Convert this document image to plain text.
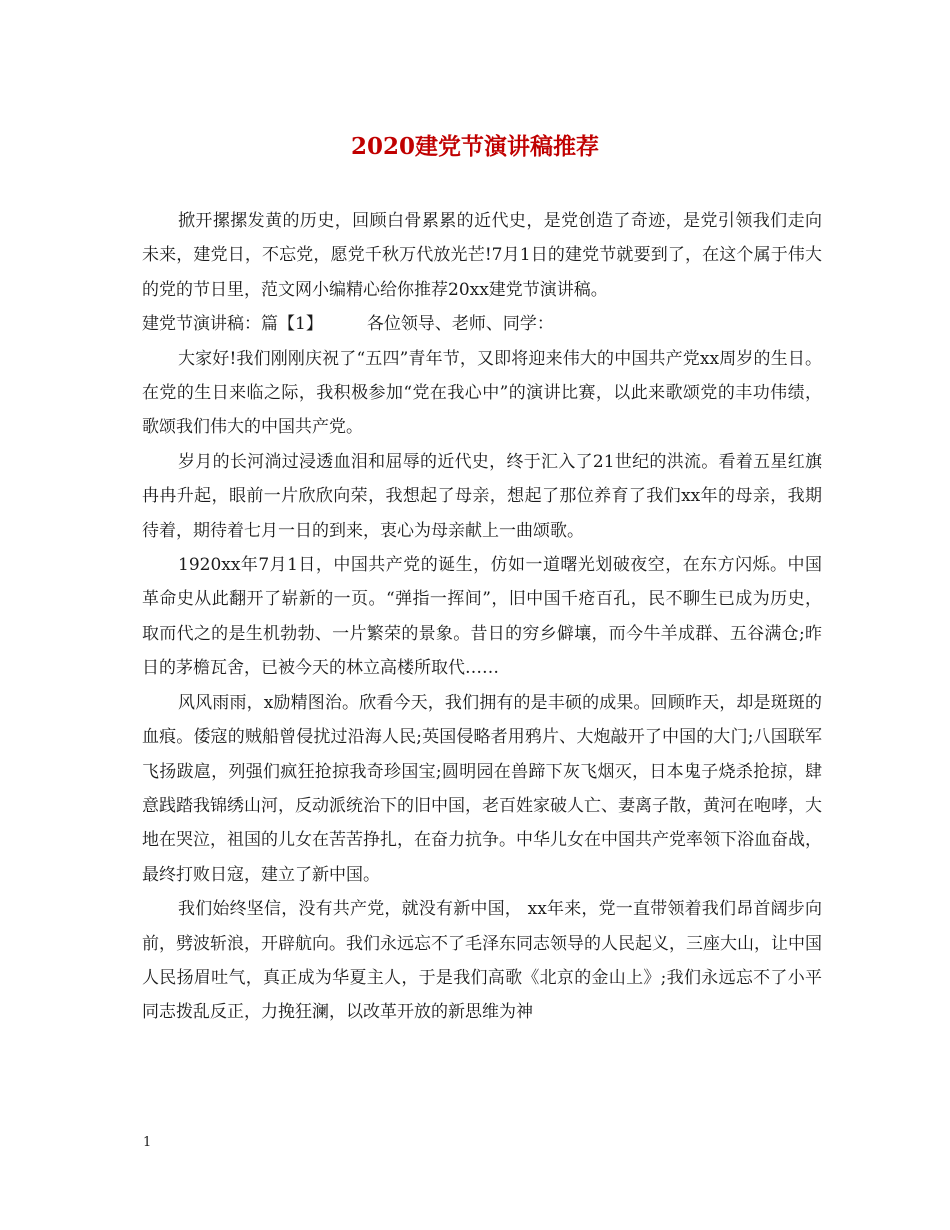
2020建党节演讲稿推荐

掀开摞摞发黄的历史，回顾白骨累累的近代史，是党创造了奇迹，是党引领我们走向未来，建党日，不忘党，愿党千秋万代放光芒!7月1日的建党节就要到了，在这个属于伟大的党的节日里，范文网小编精心给你推荐20xx建党节演讲稿。

建党节演讲稿：篇【1】	各位领导、老师、同学：

大家好!我们刚刚庆祝了“五四”青年节，又即将迎来伟大的中国共产党xx周岁的生日。在党的生日来临之际，我积极参加“党在我心中”的演讲比赛，以此来歌颂党的丰功伟绩，歌颂我们伟大的中国共产党。

岁月的长河淌过浸透血泪和屈辱的近代史，终于汇入了21世纪的洪流。看着五星红旗冉冉升起，眼前一片欣欣向荣，我想起了母亲，想起了那位养育了我们xx年的母亲，我期待着，期待着七月一日的到来，衷心为母亲献上一曲颂歌。

1920xx年7月1日，中国共产党的诞生，仿如一道曙光划破夜空，在东方闪烁。中国革命史从此翻开了崭新的一页。“弹指一挥间”，旧中国千疮百孔，民不聊生已成为历史，取而代之的是生机勃勃、一片繁荣的景象。昔日的穷乡僻壤，而今牛羊成群、五谷满仓;昨日的茅檐瓦舍，已被今天的林立高楼所取代……

风风雨雨，x励精图治。欣看今天，我们拥有的是丰硕的成果。回顾昨天，却是斑斑的血痕。倭寇的贼船曾侵扰过沿海人民;英国侵略者用鸦片、大炮敲开了中国的大门;八国联军飞扬跋扈，列强们疯狂抢掠我奇珍国宝;圆明园在兽蹄下灰飞烟灭，日本鬼子烧杀抢掠，肆意践踏我锦绣山河，反动派统治下的旧中国，老百姓家破人亡、妻离子散，黄河在咆哮，大地在哭泣，祖国的儿女在苦苦挣扎，在奋力抗争。中华儿女在中国共产党率领下浴血奋战，最终打败日寇，建立了新中国。

我们始终坚信，没有共产党，就没有新中国， xx年来，党一直带领着我们昂首阔步向前，劈波斩浪，开辟航向。我们永远忘不了毛泽东同志领导的人民起义，三座大山，让中国人民扬眉吐气，真正成为华夏主人，于是我们高歌《北京的金山上》;我们永远忘不了小平同志拨乱反正，力挽狂澜，以改革开放的新思维为神

1
